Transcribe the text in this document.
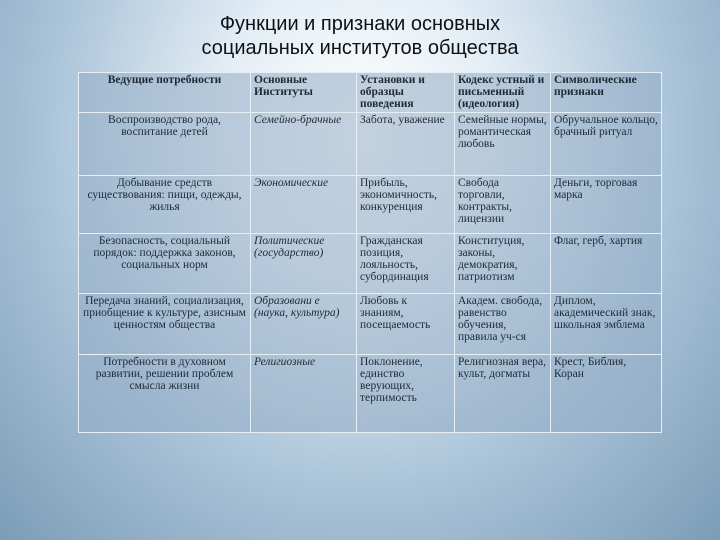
Функции и признаки основных
социальных институтов общества
Ведущие потребности	Основные Институты	Установки и образцы поведения	Кодекс устный и письменный (идеология)	Символические признаки
Воспроизводство рода, воспитание детей	Семейно-брачные	Забота, уважение	Семейные нормы, романтическая любовь	Обручальное кольцо, брачный ритуал
Добывание средств существования: пищи, одежды, жилья	Экономические	Прибыль, экономичность, конкуренция	Свобода торговли, контракты, лицензии	Деньги, торговая марка
Безопасность, социальный порядок: поддержка законов, социальных норм	Политические (государство)	Гражданская позиция, лояльность, субординация	Конституция, законы, демократия, патриотизм	Флаг, герб, хартия
Передача знаний, социализация, приобщение к культуре, азисным ценностям общества	Образовани е (наука, культура)	Любовь к знаниям, посещаемость	Академ. свобода, равенство обучения, правила уч-ся	Диплом, академический знак, школьная эмблема
Потребности в духовном развитии, решении проблем смысла жизни	Религиозные	Поклонение, единство верующих, терпимость	Религиозная вера, культ, догматы	Крест, Библия, Коран
